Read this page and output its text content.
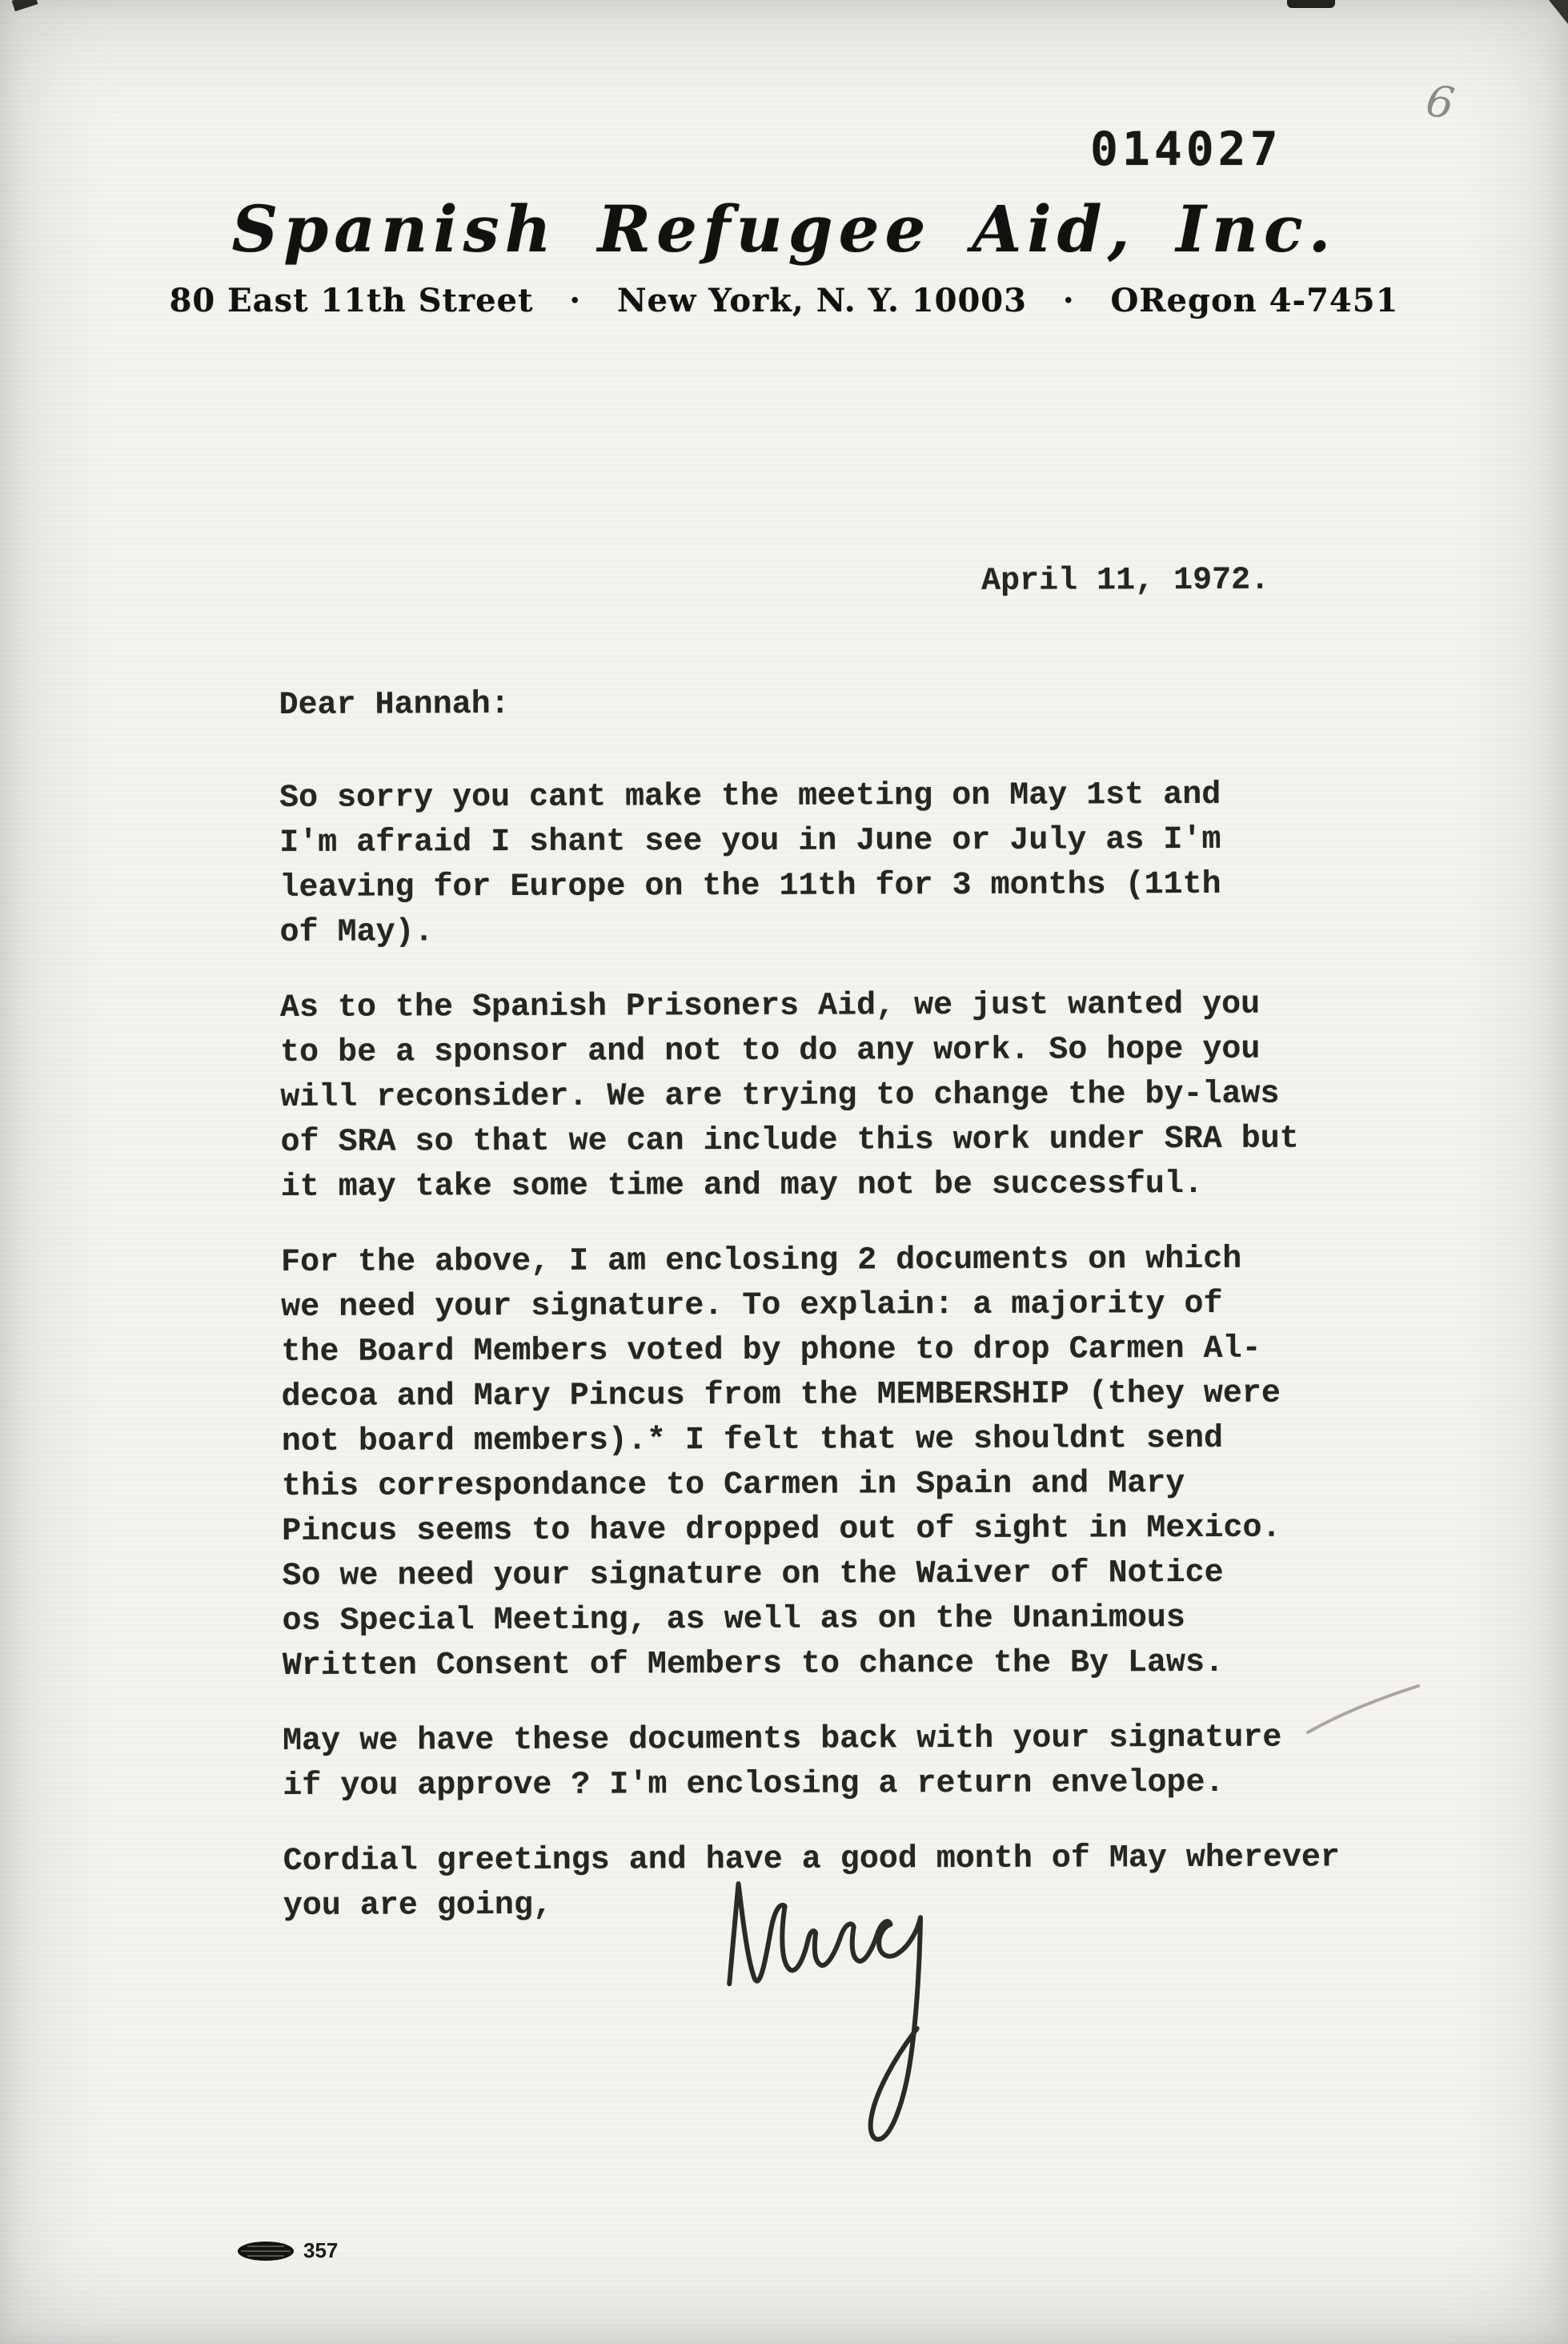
014027
6
Spanish Refugee Aid, Inc.
80 East 11th Street   ·   New York, N. Y. 10003   ·   ORegon 4-7451
April 11, 1972.
Dear Hannah:

So sorry you cant make the meeting on May 1st and
I'm afraid I shant see you in June or July as I'm
leaving for Europe on the 11th for 3 months (11th
of May).

As to the Spanish Prisoners Aid, we just wanted you
to be a sponsor and not to do any work. So hope you
will reconsider. We are trying to change the by-laws
of SRA so that we can include this work under SRA but
it may take some time and may not be successful.

For the above, I am enclosing 2 documents on which
we need your signature. To explain: a majority of
the Board Members voted by phone to drop Carmen Al-
decoa and Mary Pincus from the MEMBERSHIP (they were
not board members).* I felt that we shouldnt send
this correspondance to Carmen in Spain and Mary
Pincus seems to have dropped out of sight in Mexico.
So we need your signature on the Waiver of Notice
os Special Meeting, as well as on the Unanimous
Written Consent of Members to chance the By Laws.

May we have these documents back with your signature
if you approve ? I'm enclosing a return envelope.

Cordial greetings and have a good month of May wherever
you are going,

357
